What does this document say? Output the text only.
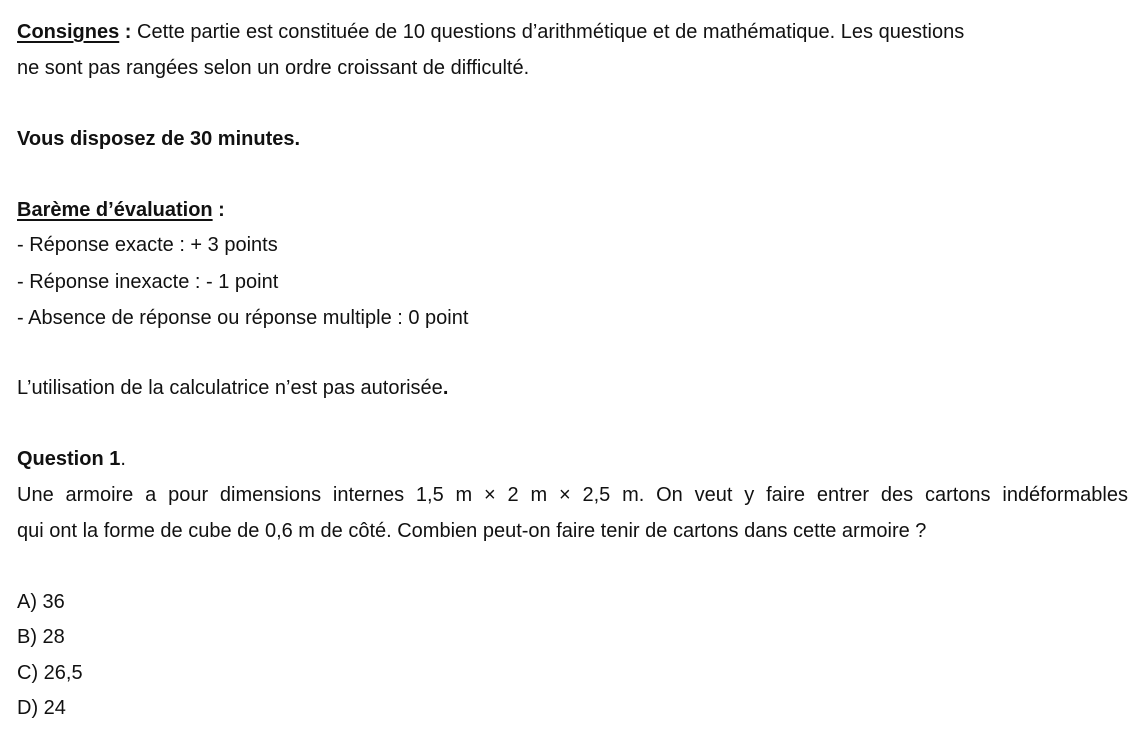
Consignes : Cette partie est constituée de 10 questions d’arithmétique et de mathématique. Les questions
ne sont pas rangées selon un ordre croissant de difficulté.
Vous disposez de 30 minutes.
Barème d’évaluation :
- Réponse exacte : + 3 points
- Réponse inexacte : - 1 point
- Absence de réponse ou réponse multiple : 0 point
L’utilisation de la calculatrice n’est pas autorisée.
Question 1.
Une armoire a pour dimensions internes 1,5 m × 2 m × 2,5 m. On veut y faire entrer des cartons indéformables
qui ont la forme de cube de 0,6 m de côté. Combien peut-on faire tenir de cartons dans cette armoire ?
A) 36
B) 28
C) 26,5
D) 24
